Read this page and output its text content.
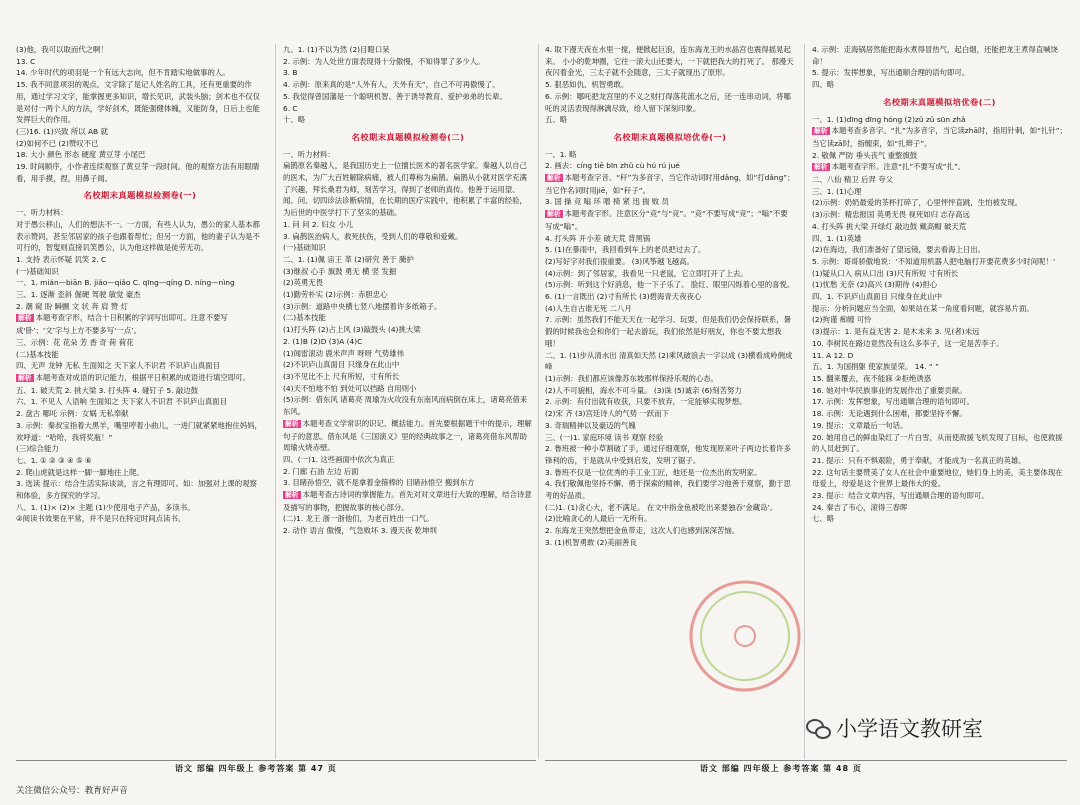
(3)他，我可以取而代之啊！
13. C
14. 少年时代的项羽是一个有远大志向，但不肯踏实地做事的人。
15. 我不同意项羽的观点。文字除了是记人姓名的工具，还有更重要的作用，通过学习文字，能掌握更多知识，增长见识，武装头脑；剑术也不仅仅是对付一两个人的方法，学好剑术，既能强健体魄，又能防身，日后上也能发挥巨大的作用。
(三)16. (1)兴致 所以 AB 就
(2)如何不已 (2)赞叹不已
18. 大小 颜色 形态 硬度 黄豆芽 小尾巴
19. 时间顺序，小作者连续观察了黄豆芽一段时间。他的观察方法有用眼睛看，用手摸，捏，用鼻子闻。
名校期末真题模拟检测卷(一)
一、听力材料：
对于愚公移山，人们的想法不一。一方面，有些人认为，愚公的家人基本都表示赞同，甚至邻居家的孩子也跟着帮忙；但另一方面，他的妻子认为是不可行的，智叟则直接讥笑愚公，认为他这样做是徒劳无功。
1. 支持 表示怀疑 讥笑 2. C
(一)基础知识
一、1. mián—biān B. jiǎo—qiǎo C. qīng—qíng D. níng—nìng
三、1. 逐渐 歪斜 倔硬 驾驶 敏觉 豪杰
2. 潮 窥 盼 瞬颤 文 状 奔 肩 赞 灯
解析 本题考查字形，结合十日积累的字词写出即可。注意不要写成‘卧’；‘文’字与上方不要多写‘一点’。
三、示例：花 花朵 芳 香 奇 荷 荷花
(二)基本技能
四、无声 龙钟 无私 生面知之 天下家人不识君 不识庐山真面目
解析 本题考查对成语的识记能力，根据平日积累的成语进行填空即可。
五、1. 破天荒 2. 挑大梁 3. 打头阵 4. 碰钉子 5. 敲边鼓
六、1. 不见人 人语响 生面知之 天下家人不识君 不识庐山真面目
2. 盘古 哪吒 示例：女娲 无私奉献
3. 示例：秦叔宝指着大黑羊，嘴里哼着小曲儿，一进门就紧紧地抱住妈妈，欢呼道：“哈哈，我将奖瓶！”
(三)综合能力
七、1. ① ② ③ ④ ⑤ ⑥
2. 爬山虎就是这样一脚一脚地往上爬。
3. 选读 提示：结合生活实际谈谈，言之有理即可。如：加强对上课的观察和体验，多方探究的学习。
八、1. (1)× (2)× 主题 (1)少使用电子产品，多读书。
②阅读书效果在平常，并不是只在特定时间点读书。
九、1. (1)不以为然 (2)目瞪口呆
2. 示例：为人处世方面表现得十分傲慢，不知得罪了多少人。
3. B
4. 示例：原来真的是“人外有人，天外有天”，自己不可再傲慢了。
5. 我觉得曾国藩是一个聪明机智、善于诱导教育、爱护弟弟的长辈。
6. C
十、略
名校期末真题模拟检测卷(二)
一、听力材料：
扁鹊原名秦越人，是我国历史上一位擅长医术的著名医学家。秦越人以自己的医术，为广大百姓解除病痛，被人们尊称为扁鹊。扁鹊从小就对医学充满了兴趣，拜长桑君为师，刻苦学习，得到了老师的真传。他善于运用望、闻、问、切四诊法诊断病情，在长期的医疗实践中，他积累了丰富的经验，为后世的中医学打下了坚实的基础。
1. 问 问 2. 妇女 小儿
3. 扁鹊医治病人，救死扶伤，受到人们的尊敬和爱戴。
(一)基础知识
二、1. (1)佩 宙王 革 (2)研究 善于 腌护
(3)继叔 心手 旗鼓 勇无 横 竖 发掘
(2)英勇无畏
(1)勤劳朴实 (2)示例：赤胆忠心
(3)示例：道路中央横七竖八地摆着许多纸箱子。
(二)基本技能
(1)打头阵 (2)占上风 (3)敲鼓头 (4)挑大梁
2. (1)B (2)D (3)A (4)C
(1)闻雷滚动 鹿米声声 呀呀 气势雄伟
(2)不识庐山真面目 只缘身在此山中
(3)不见比不上 尺有所短，寸有所长
(4)天不怕地不怕 到处可以挡路 自用则小
(5)示例：借东风 诸葛亮 周瑜为火攻没有东南风而病倒在床上，诸葛亮借来东风。
解析 本题考查文学常识的识记、概括能力。首先要根据题干中的提示，理解句子的意思。借东风是《三国演义》里的经典故事之一，诸葛亮借东风帮助周瑜火烧赤壁。
四、(一)1. 这些画面中依次为真正
2. 门廊 石油 左边 后面
3. 目睹孙悟空，就不是拿着金箍棒的 目睹孙悟空 搬到东方
解析 本题考查古诗词的掌握能力。首先对对文章进行大致的理解，结合诗意及描写的事物，把握故事的核心部分。
(二)1. 龙王 浙一浙他们，为老百姓出一口气。
2. 动作 语言 傲慢，气急败坏 3. 漫天夜 乾坤圳
4. 取下漫天夜在水里一搅，便掀起巨浪，连东海龙王的水晶宫也震得摇晃起来。 小小的乾坤圈，它往一滚大山还要大，一下就把我大的打死了。 那漫天夜闪着金光，三太子就不会随意，三太子就现出了原形。
5. 狠恶如仇、机智勇敢。
6. 示例：哪吒把龙宫里的不义之财打得落花流水之后，还一连串动词，将哪吒的灵活表现得淋漓尽致，给人留下深刻印象。
五、略
名校期末真题模拟培优卷(一)
一、1. 略
2. 画去：cíng tiē bīn zhǔ cù hú rú jué
解析 本题考查字音。“秆”为多音字，当它作动词时用dǎng，如“打dǎng”；当它作名词时用jiē，如“秆子”。
3. 国 操 竞 嗡 环 噌 椅 紧 迅 揣 败 员
解析 本题考查字形。注意区分“竞”与“竞”。“竞”不要写成“竞”；“嗡”不要写成“嗡”。
4. 打头阵 开小差 破天荒 背黑锅
5. (1)在暴雨中，我回看到车上的老员把过去了。
(2)写好字对我们很重要。 (3)风筝越飞越高。
(4)示例：到了邻居家，我看见一只老鼠，它立即打开了上去。
(5)示例：听到这个好消息，他一下子乐了。 脸红、眼里闪烁着心里的喜悦。
6. (1)一言既出 (2)寸有所长 (3)碧海青天夜夜心
(4)人生自古谁无死 二八月
7. 示例：虽然我们不能天天在一起学习、玩耍，但是我们仍会保持联系，暑假的时候我也会和你们一起去游玩，我们依然是好朋友，你也不要太想我哦！
二、1. (1)步从清水出 清真如天然 (2)乘风破浪去一字以成 (3)横看成岭侧成峰
(1)示例：我们都应该像苏东坡那样保持乐观的心态。
(2)人不可貌相，海水不可斗量。 (3)诛 (5)诚亲 (6)刻苦努力
2. 示例：有付出就有收获，只要不放弃，一定能够实现梦想。
(2)宋 齐 (3)宫廷诗人的气势 一跃而下
3. 奇瑞精神以及豪迈的气魄
三、(一)1. 家庭环境 读书 观察 经验
2. 鲁班被一种小草割破了手，通过仔细观察，他发现原来叶子两边长着许多锋利的齿，于是就从中受到启发，发明了锯子。
3. 鲁班不仅是一位优秀的手工业工匠，他还是一位杰出的发明家。
4. 我们敬佩他坚持不懈、勇于探索的精神，我们要学习他善于观察，勤于思考的好品质。
(二)1. (1)贪心大，老不满足。 在文中指金鱼被吃出来要独吞‘金藏岛’。
(2)比喻贪心的人最后一无所有。
2. 东海龙王突然想把金鱼带走，这次人们也感到深深苦恼。
3. (1)机智勇敢 (2)美丽善良
4. 示例：走海锅居然能把海水煮得冒热气，起白烟，还能把龙王煮得直喊饶命！
5. 提示：发挥想象，写出通顺合理的语句即可。
四、略
名校期末真题模拟培优卷(二)
一、1. (1)dīng dīng hóng (2)zǔ zǔ sūn zhǎ
解析 本题考查多音字。“扎”为多音字，当它读zhā时，指用针刺，如“扎针”；当它读zā时，指缠束，如“扎辫子”。
2. 敬佩 严防 垂头丧气 重整旗鼓
解析 本题考查字形。注意“扎”不要写成“扎”。
二、八仙 精卫 后羿 夸父
三、1. (1)心理
(2)示例：奶奶最爱的茶杯打碎了，心里怦怦直跳，生怕被发现。
(3)示例：精忠报国 英勇无畏 视死如归 志存高远
4. 打头阵 挑大梁 开绿灯 敲边鼓 戴高帽 破天荒
四、1. (1)英雄
(2)在海边，我们准备好了望远镜，要去看海上日出。
5. 示例：哥哥骄傲地说：‘不知道用机器人把电脑打开要花费多少时间呢！’
(1)疑从口入 病从口出 (3)尺有所短 寸有所长
(1)忧愁 无奈 (2)高兴 (3)期待 (4)担心
四、1. 不识庐山真面目 只缘身在此山中
提示：分析问题应当全面，如果站在某一角度看问题，就容易片面。
(2)拘谨 痴缠 可怜
(3)提示：1. 是有益无害 2. 是木未来 3. 见(者)未远
10. 李树民在路边竟然没有这么多李子，这一定是苦李子。
11. A 12. D
五、1. 为国捐躯 使家族显荣。 14. “ ”
15. 翻来覆去，夜不能寐 ②拒绝诱惑
16. 她对中华民族事业的发展作出了重要贡献。
17. 示例：发挥想象，写出通顺合理的语句即可。
18. 示例：无论遇到什么困难，都要坚持不懈。
19. 提示：文章最后一句话。
20. 她用自己的鲜血染红了一片白雪，从而使敌援飞机发现了目标，也使救援的人员赶到了。
21. 提示：只有不惧艰险，勇于奉献，才能成为一名真正的英雄。
22. 这句话主要赞美了女人在社会中重要地位，她们身上的美，美主要体现在母爱上，母爱是这个世界上最伟大的爱。
23. 提示：结合文章内容，写出通顺合理的语句即可。
24. 秦吉了韦心，滚得三春晖
七、略
语文 部编 四年级上 参考答案 第 47 页	语文 部编 四年级上 参考答案 第 48 页
小学语文教研室
关注微信公众号：教育好声音
